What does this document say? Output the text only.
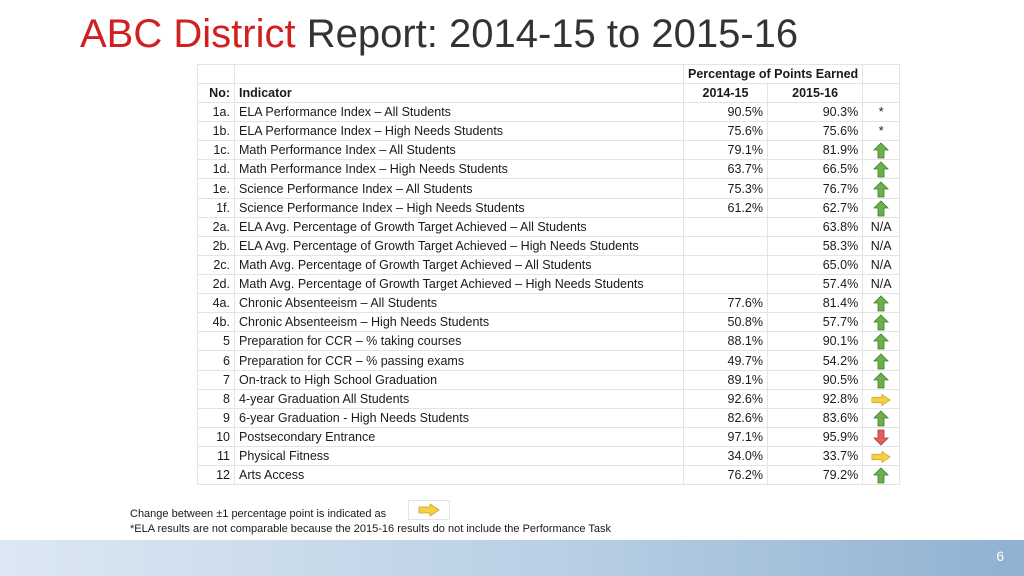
ABC District Report: 2014-15 to 2015-16
		Percentage of Points Earned		

No:	Indicator	2014-15	2015-16	
1a.	ELA Performance Index – All Students	90.5%	90.3%	*
1b.	ELA Performance Index – High Needs Students	75.6%	75.6%	*
1c.	Math Performance Index – All Students	79.1%	81.9%	
1d.	Math Performance Index – High Needs Students	63.7%	66.5%	
1e.	Science Performance Index – All Students	75.3%	76.7%	
1f.	Science Performance Index – High Needs Students	61.2%	62.7%	
2a.	ELA Avg. Percentage of Growth Target Achieved – All Students		63.8%	N/A
2b.	ELA Avg. Percentage of Growth Target Achieved – High Needs Students		58.3%	N/A
2c.	Math Avg. Percentage of Growth Target Achieved – All Students		65.0%	N/A
2d.	Math Avg. Percentage of Growth Target Achieved – High Needs Students		57.4%	N/A
4a.	Chronic Absenteeism – All Students	77.6%	81.4%	
4b.	Chronic Absenteeism – High Needs Students	50.8%	57.7%	
5	Preparation for CCR – % taking courses	88.1%	90.1%	
6	Preparation for CCR – % passing exams	49.7%	54.2%	
7	On-track to High School Graduation	89.1%	90.5%	
8	4-year Graduation All Students	92.6%	92.8%	
9	6-year Graduation - High Needs Students	82.6%	83.6%	
10	Postsecondary Entrance	97.1%	95.9%	
11	Physical Fitness	34.0%	33.7%	
12	Arts Access	76.2%	79.2%	
Change between ±1 percentage point is indicated as
*ELA results are not comparable because the 2015-16 results do not include the Performance Task
6
